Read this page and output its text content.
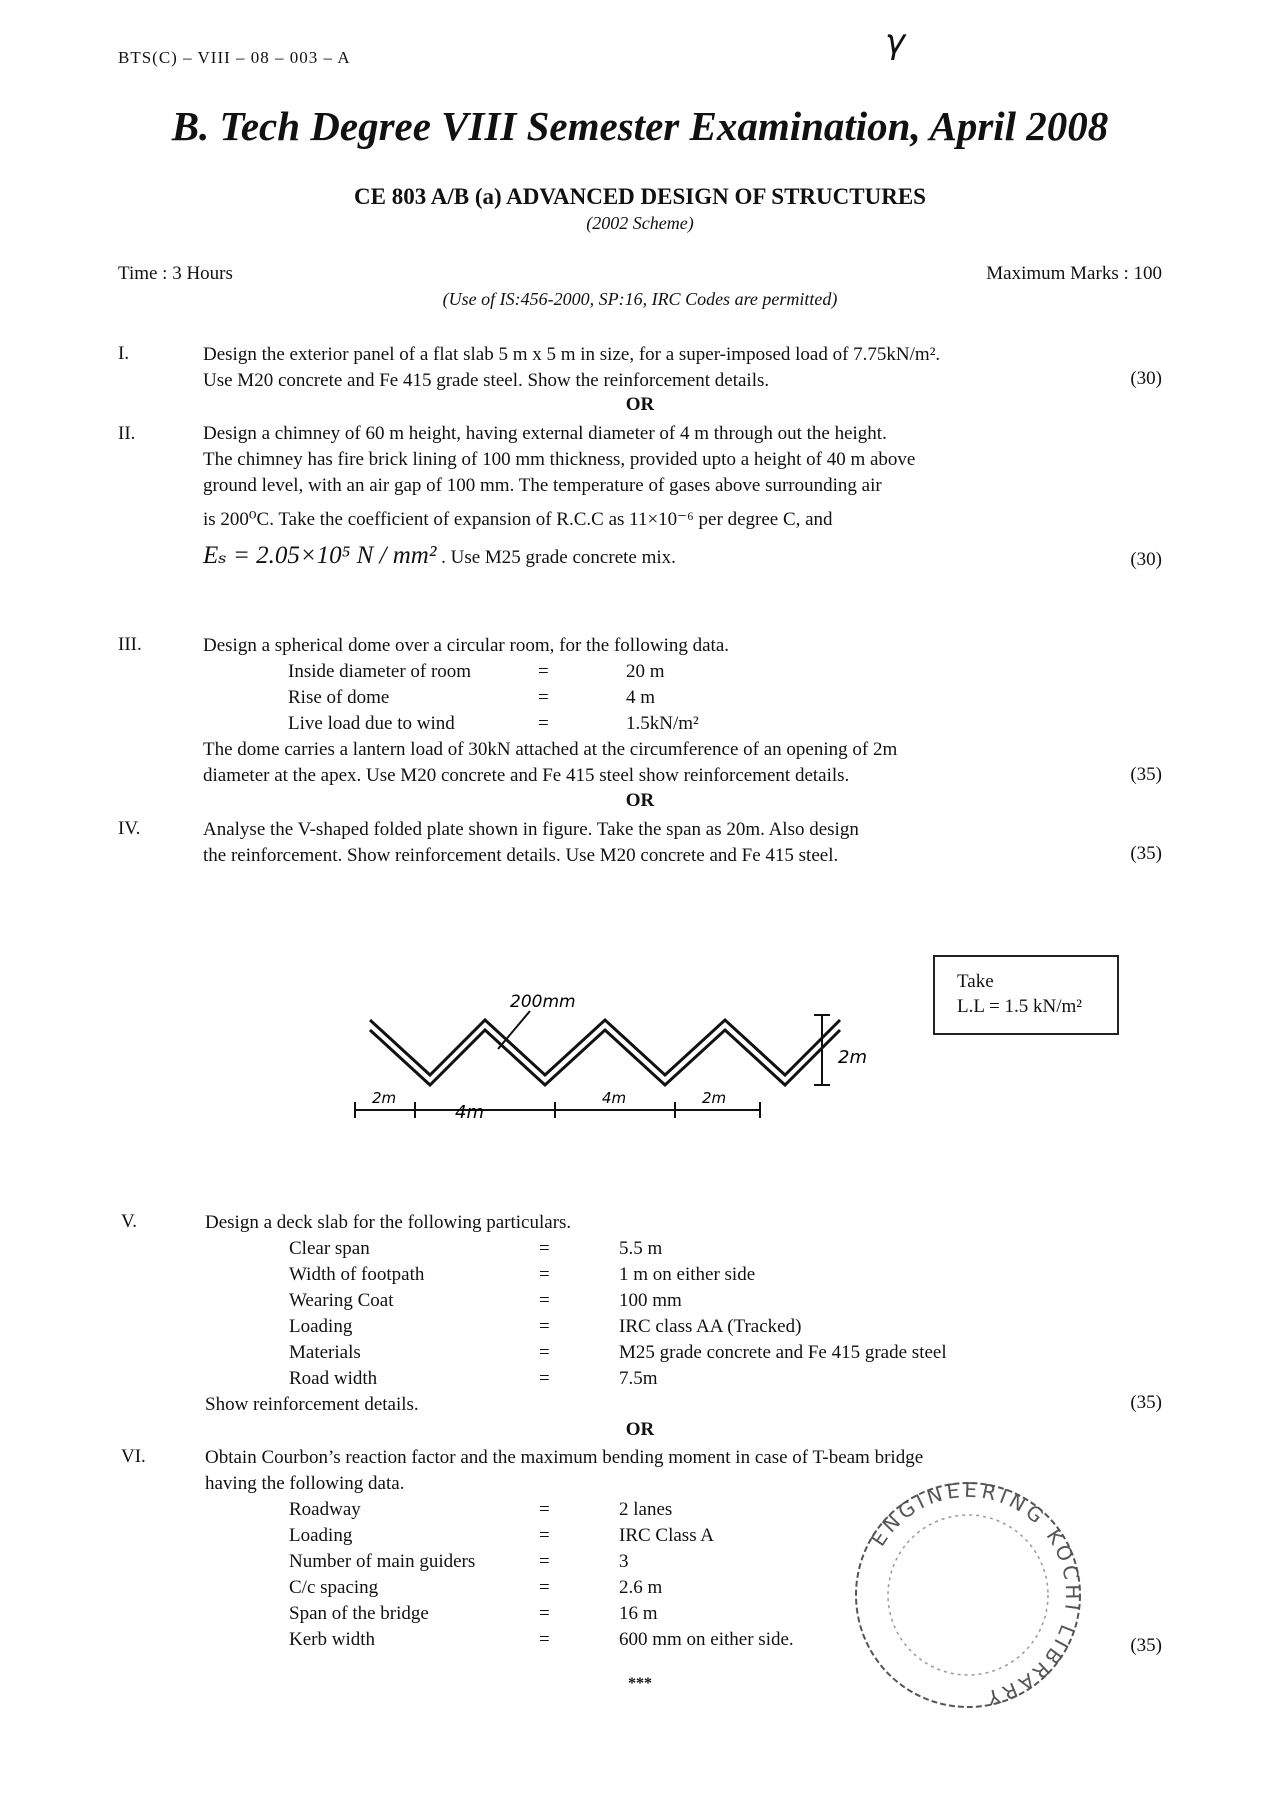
BTS(C) – VIII – 08 – 003 – A	γ
B. Tech Degree VIII Semester Examination, April 2008
CE 803 A/B (a) ADVANCED DESIGN OF STRUCTURES
(2002 Scheme)
Time : 3 Hours	Maximum Marks : 100
(Use of IS:456-2000, SP:16, IRC Codes are permitted)
I.	Design the exterior panel of a flat slab 5 m x 5 m in size, for a super-imposed load of 7.75kN/m².
Use M20 concrete and Fe 415 grade steel. Show the reinforcement details.	(30)
OR
II.	Design a chimney of 60 m height, having external diameter of 4 m through out the height.
The chimney has fire brick lining of 100 mm thickness, provided upto a height of 40 m above
ground level, with an air gap of 100 mm. The temperature of gases above surrounding air
is 200⁰C. Take the coefficient of expansion of R.C.C as 11×10⁻⁶ per degree C, and
Eₛ = 2.05×10⁵ N / mm² . Use M25 grade concrete mix.	(30)
III.	Design a spherical dome over a circular room, for the following data.
Inside diameter of room	=	20 m
Rise of dome	=	4 m
Live load due to wind	=	1.5kN/m²
The dome carries a lantern load of 30kN attached at the circumference of an opening of 2m
diameter at the apex. Use M20 concrete and Fe 415 steel show reinforcement details.	(35)
OR
IV.	Analyse the V-shaped folded plate shown in figure. Take the span as 20m. Also design
the reinforcement. Show reinforcement details. Use M20 concrete and Fe 415 steel.	(35)
200mm
2m
2m
4m
4m	2m
Take
L.L = 1.5 kN/m²
V.	Design a deck slab for the following particulars.
Clear span	=	5.5 m
Width of footpath	=	1 m on either side
Wearing Coat	=	100 mm
Loading	=	IRC class AA (Tracked)
Materials	=	M25 grade concrete and Fe 415 grade steel
Road width	=	7.5m
Show reinforcement details.	(35)
OR
VI.	Obtain Courbon’s reaction factor and the maximum bending moment in case of T-beam bridge
having the following data.
Roadway	=	2 lanes
Loading	=	IRC Class A
Number of main guiders	=	3
C/c spacing	=	2.6 m
Span of the bridge	=	16 m
Kerb width	=	600 mm on either side.	(35)
***
ENGINEERING KOCHI LIBRARY
